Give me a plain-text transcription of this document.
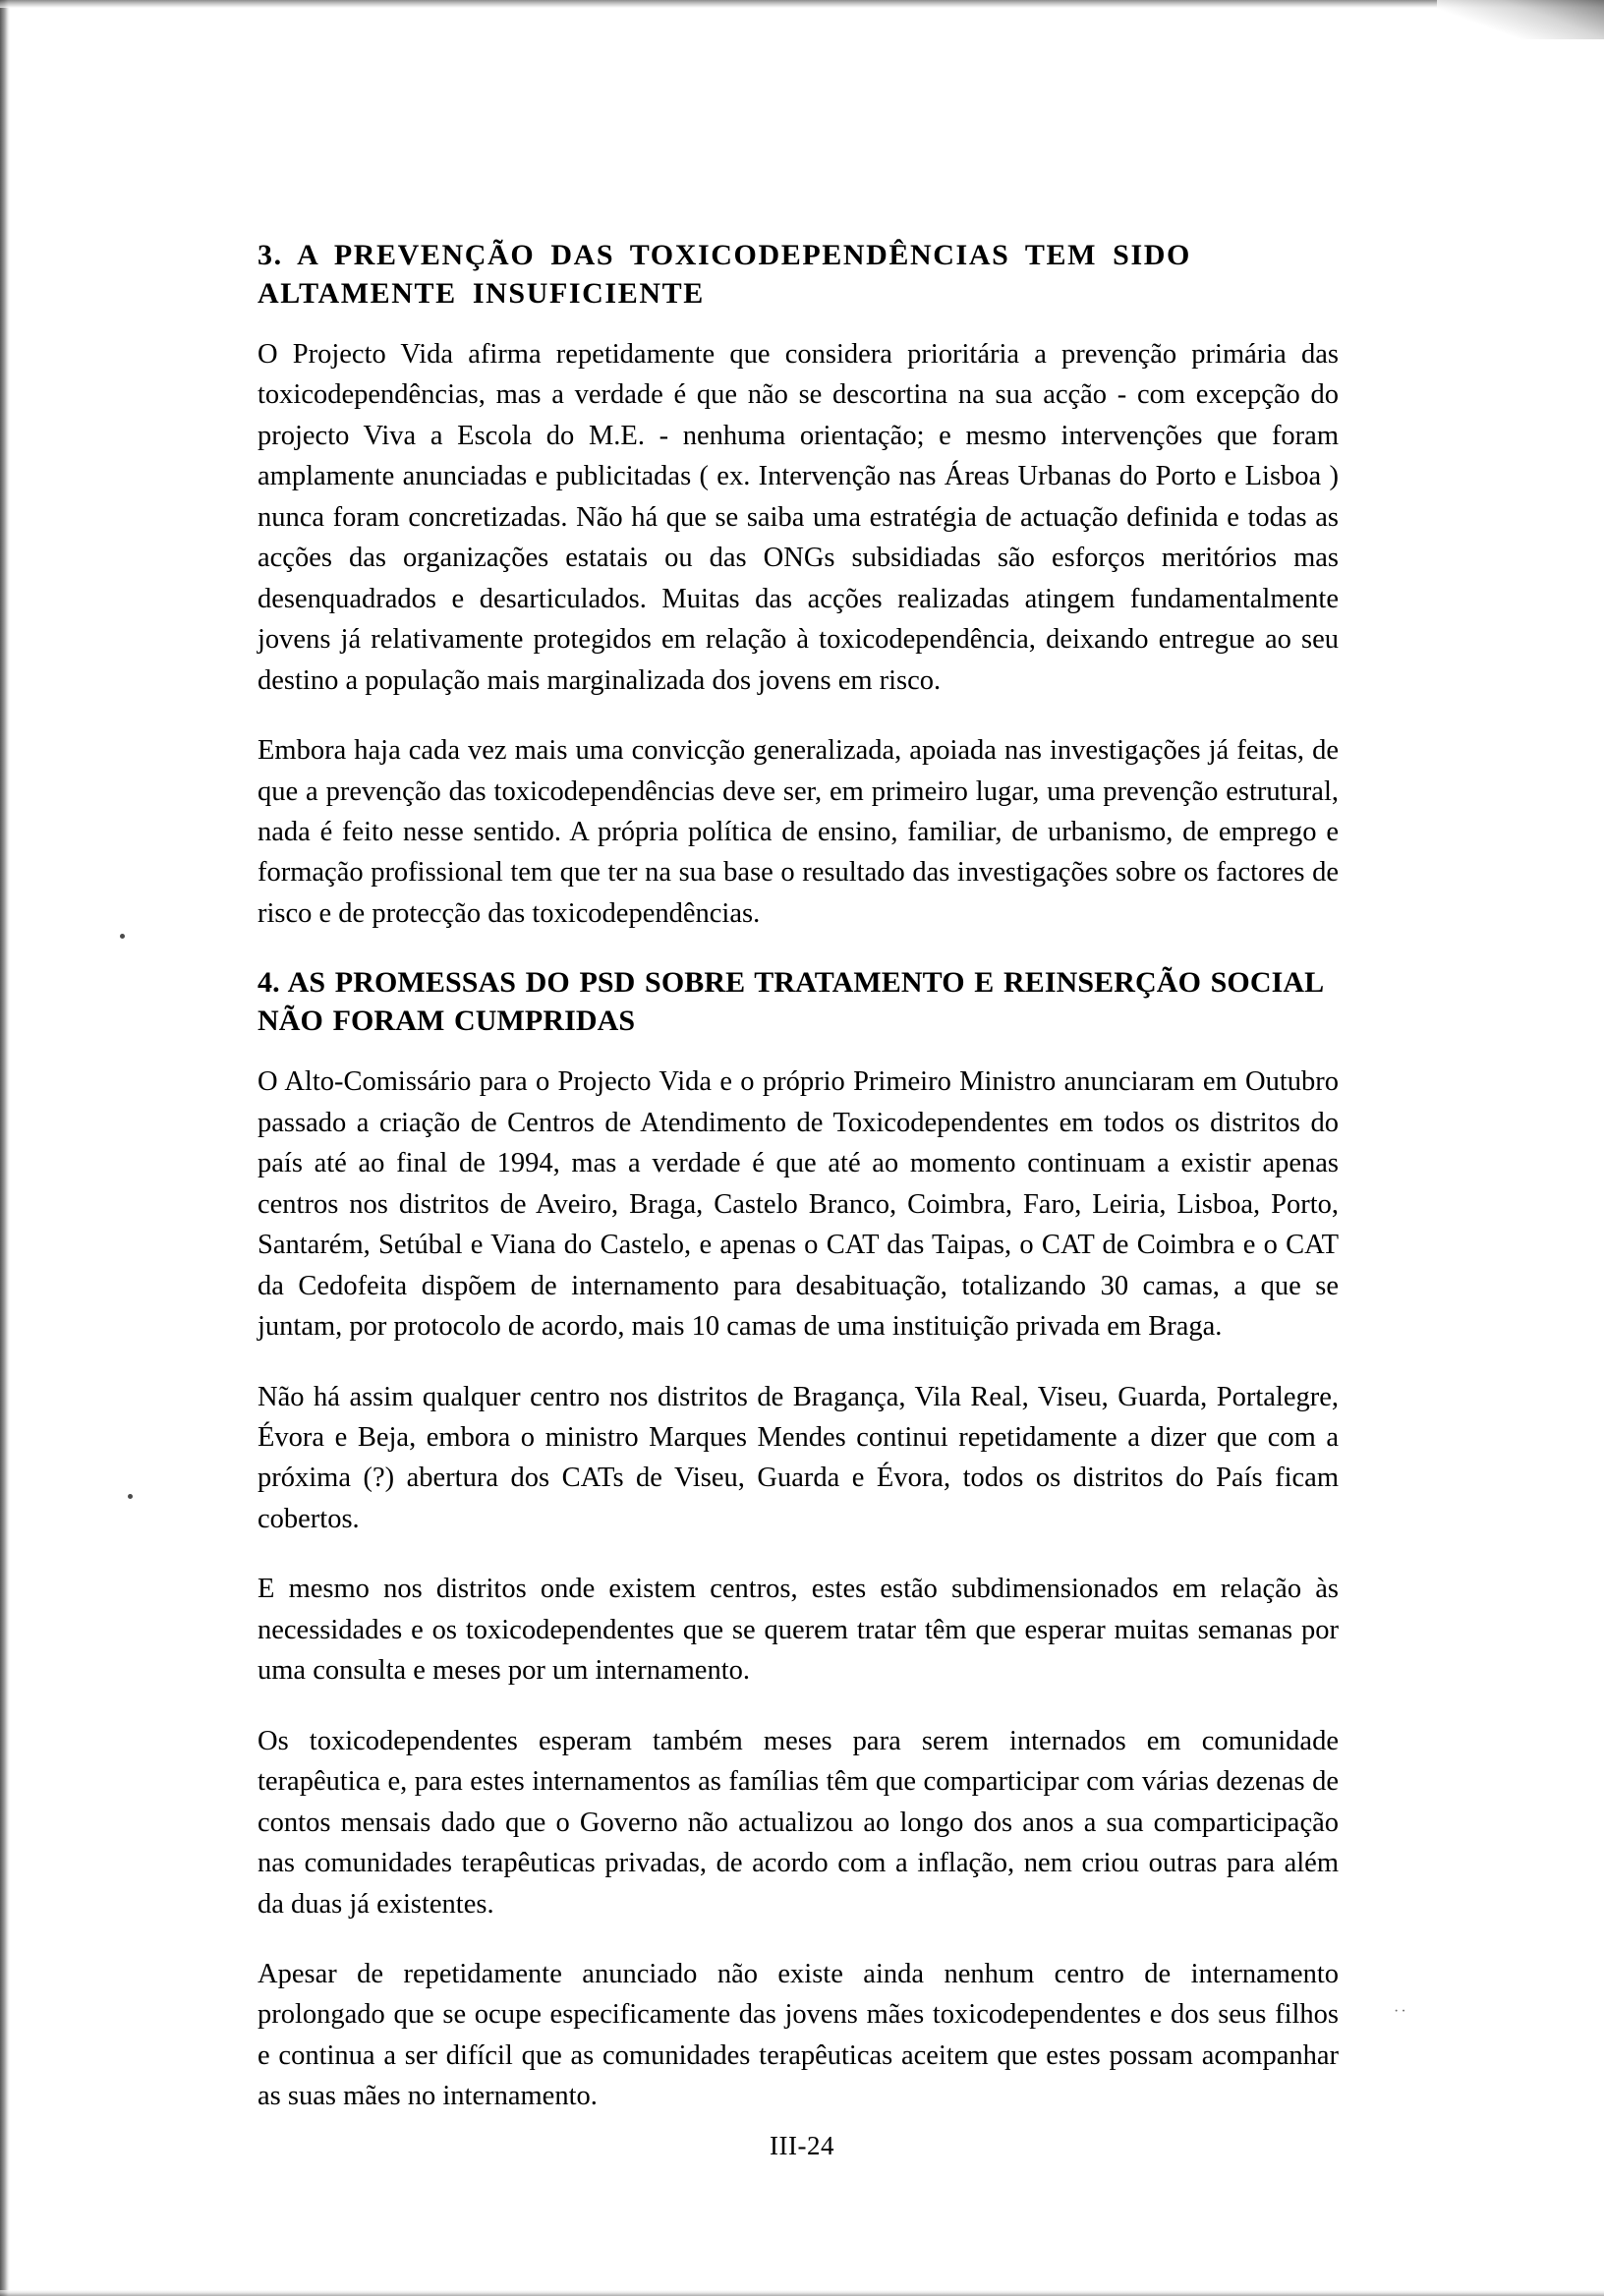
··
3. A PREVENÇÃO DAS TOXICODEPENDÊNCIAS TEM SIDO ALTAMENTE INSUFICIENTE

O Projecto Vida afirma repetidamente que considera prioritária a prevenção primária das toxicodependências, mas a verdade é que não se descortina na sua acção - com excepção do projecto Viva a Escola do M.E. - nenhuma orientação; e mesmo intervenções que foram amplamente anunciadas e publicitadas ( ex. Intervenção nas Áreas Urbanas do Porto e Lisboa ) nunca foram concretizadas. Não há que se saiba uma estratégia de actuação definida e todas as acções das organizações estatais ou das ONGs subsidiadas são esforços meritórios mas desenquadrados e desarticulados. Muitas das acções realizadas atingem fundamentalmente jovens já relativamente protegidos em relação à toxicodependência, deixando entregue ao seu destino a população mais marginalizada dos jovens em risco.

Embora haja cada vez mais uma convicção generalizada, apoiada nas investigações já feitas, de que a prevenção das toxicodependências deve ser, em primeiro lugar, uma prevenção estrutural, nada é feito nesse sentido. A própria política de ensino, familiar, de urbanismo, de emprego e formação profissional tem que ter na sua base o resultado das investigações sobre os factores de risco e de protecção das toxicodependências.

4. AS PROMESSAS DO PSD SOBRE TRATAMENTO E REINSERÇÃO SOCIAL NÃO FORAM CUMPRIDAS

O Alto-Comissário para o Projecto Vida e o próprio Primeiro Ministro anunciaram em Outubro passado a criação de Centros de Atendimento de Toxicodependentes em todos os distritos do país até ao final de 1994, mas a verdade é que até ao momento continuam a existir apenas centros nos distritos de Aveiro, Braga, Castelo Branco, Coimbra, Faro, Leiria, Lisboa, Porto, Santarém, Setúbal e Viana do Castelo, e apenas o CAT das Taipas, o CAT de Coimbra e o CAT da Cedofeita dispõem de internamento para desabituação, totalizando 30 camas, a que se juntam, por protocolo de acordo, mais 10 camas de uma instituição privada em Braga.

Não há assim qualquer centro nos distritos de Bragança, Vila Real, Viseu, Guarda, Portalegre, Évora e Beja, embora o ministro Marques Mendes continui repetidamente a dizer que com a próxima (?) abertura dos CATs de Viseu, Guarda e Évora, todos os distritos do País ficam cobertos.

E mesmo nos distritos onde existem centros, estes estão subdimensionados em relação às necessidades e os toxicodependentes que se querem tratar têm que esperar muitas semanas por uma consulta e meses por um internamento.

Os toxicodependentes esperam também meses para serem internados em comunidade terapêutica e, para estes internamentos as famílias têm que comparticipar com várias dezenas de contos mensais dado que o Governo não actualizou ao longo dos anos a sua comparticipação nas comunidades terapêuticas privadas, de acordo com a inflação, nem criou outras para além da duas já existentes.

Apesar de repetidamente anunciado não existe ainda nenhum centro de internamento prolongado que se ocupe especificamente das jovens mães toxicodependentes e dos seus filhos e continua a ser difícil que as comunidades terapêuticas aceitem que estes possam acompanhar as suas mães no internamento.

III-24
